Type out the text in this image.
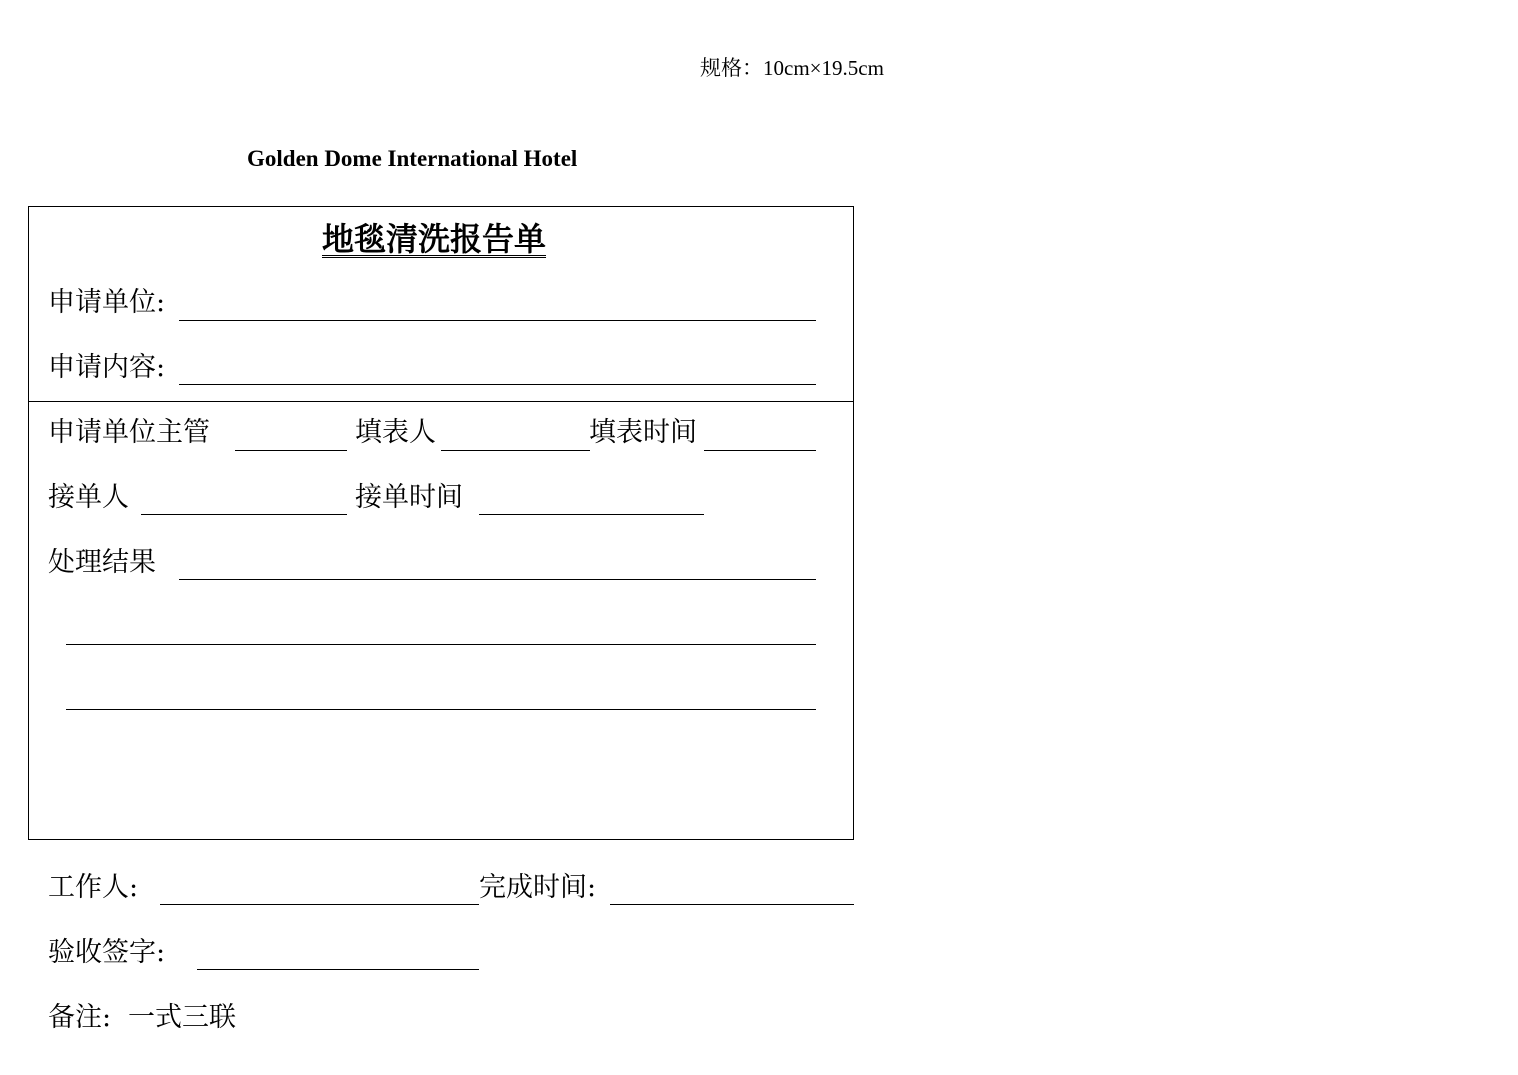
规格：10cm×19.5cm
Golden Dome International Hotel
地毯清洗报告单
申请单位:
申请内容:
申请单位主管	填表人	填表时间
接单人	接单时间
处理结果
工作人:	完成时间:
验收签字:
备注: 一式三联
